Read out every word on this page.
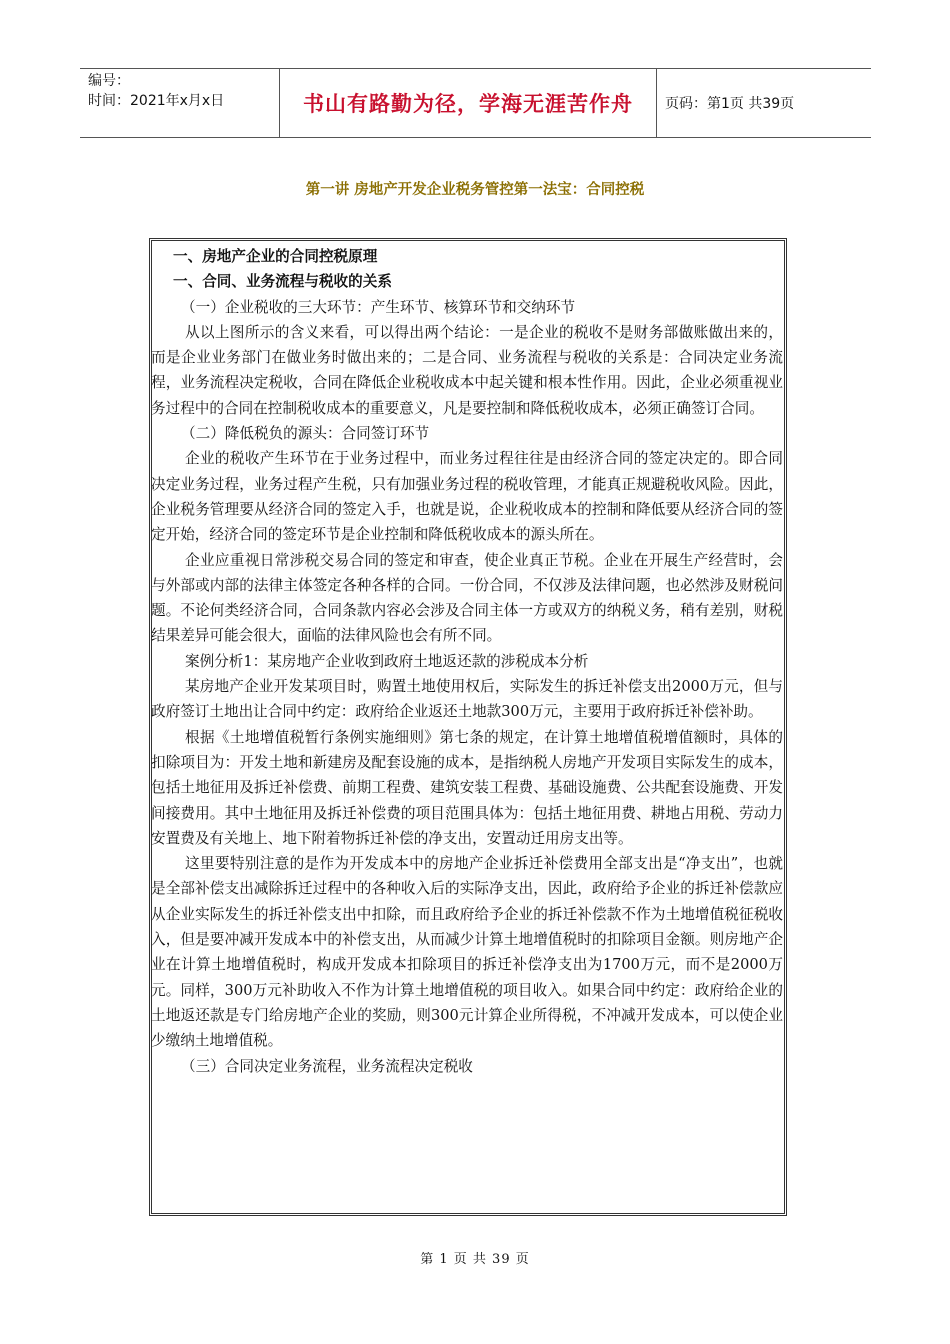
编号：
时间：2021年x月x日	书山有路勤为径，学海无涯苦作舟	页码：第1页 共39页
第一讲 房地产开发企业税务管控第一法宝：合同控税

一、房地产企业的合同控税原理

一、合同、业务流程与税收的关系

（一）企业税收的三大环节：产生环节、核算环节和交纳环节

从以上图所示的含义来看，可以得出两个结论：一是企业的税收不是财务部做账做出来的，而是企业业务部门在做业务时做出来的；二是合同、业务流程与税收的关系是：合同决定业务流程，业务流程决定税收，合同在降低企业税收成本中起关键和根本性作用。因此，企业必须重视业务过程中的合同在控制税收成本的重要意义，凡是要控制和降低税收成本，必须正确签订合同。

（二）降低税负的源头：合同签订环节

企业的税收产生环节在于业务过程中，而业务过程往往是由经济合同的签定决定的。即合同决定业务过程，业务过程产生税，只有加强业务过程的税收管理，才能真正规避税收风险。因此，企业税务管理要从经济合同的签定入手，也就是说，企业税收成本的控制和降低要从经济合同的签定开始，经济合同的签定环节是企业控制和降低税收成本的源头所在。

企业应重视日常涉税交易合同的签定和审查，使企业真正节税。企业在开展生产经营时，会与外部或内部的法律主体签定各种各样的合同。一份合同，不仅涉及法律问题，也必然涉及财税问题。不论何类经济合同，合同条款内容必会涉及合同主体一方或双方的纳税义务，稍有差别，财税结果差异可能会很大，面临的法律风险也会有所不同。

案例分析1：某房地产企业收到政府土地返还款的涉税成本分析

某房地产企业开发某项目时，购置土地使用权后，实际发生的拆迁补偿支出2000万元，但与政府签订土地出让合同中约定：政府给企业返还土地款300万元，主要用于政府拆迁补偿补助。

根据《土地增值税暂行条例实施细则》第七条的规定，在计算土地增值税增值额时，具体的扣除项目为：开发土地和新建房及配套设施的成本，是指纳税人房地产开发项目实际发生的成本，包括土地征用及拆迁补偿费、前期工程费、建筑安装工程费、基础设施费、公共配套设施费、开发间接费用。其中土地征用及拆迁补偿费的项目范围具体为：包括土地征用费、耕地占用税、劳动力安置费及有关地上、地下附着物拆迁补偿的净支出，安置动迁用房支出等。

这里要特别注意的是作为开发成本中的房地产企业拆迁补偿费用全部支出是“净支出”，也就是全部补偿支出减除拆迁过程中的各种收入后的实际净支出，因此，政府给予企业的拆迁补偿款应从企业实际发生的拆迁补偿支出中扣除，而且政府给予企业的拆迁补偿款不作为土地增值税征税收入，但是要冲减开发成本中的补偿支出，从而减少计算土地增值税时的扣除项目金额。则房地产企业在计算土地增值税时，构成开发成本扣除项目的拆迁补偿净支出为1700万元，而不是2000万元。同样，300万元补助收入不作为计算土地增值税的项目收入。如果合同中约定：政府给企业的土地返还款是专门给房地产企业的奖励，则300元计算企业所得税，不冲减开发成本，可以使企业少缴纳土地增值税。

（三）合同决定业务流程，业务流程决定税收

第 1 页 共 39 页
